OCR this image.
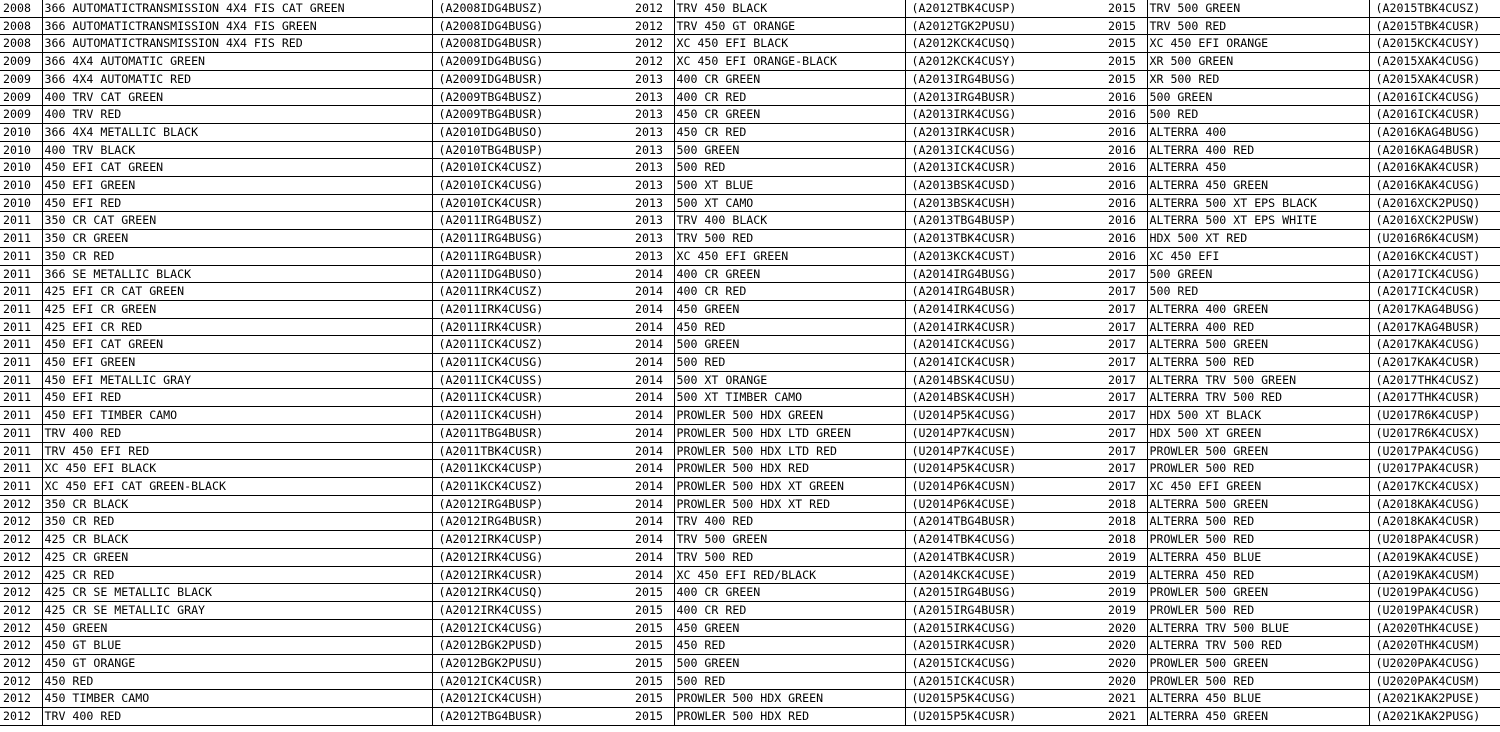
2008	366 AUTOMATICTRANSMISSION 4X4 FIS CAT GREEN	(A2008IDG4BUSZ)
2008	366 AUTOMATICTRANSMISSION 4X4 FIS GREEN	(A2008IDG4BUSG)
2008	366 AUTOMATICTRANSMISSION 4X4 FIS RED	(A2008IDG4BUSR)
2009	366 4X4 AUTOMATIC GREEN	(A2009IDG4BUSG)
2009	366 4X4 AUTOMATIC RED	(A2009IDG4BUSR)
2009	400 TRV CAT GREEN	(A2009TBG4BUSZ)
2009	400 TRV RED	(A2009TBG4BUSR)
2010	366 4X4 METALLIC BLACK	(A2010IDG4BUSO)
2010	400 TRV BLACK	(A2010TBG4BUSP)
2010	450 EFI CAT GREEN	(A2010ICK4CUSZ)
2010	450 EFI GREEN	(A2010ICK4CUSG)
2010	450 EFI RED	(A2010ICK4CUSR)
2011	350 CR CAT GREEN	(A2011IRG4BUSZ)
2011	350 CR GREEN	(A2011IRG4BUSG)
2011	350 CR RED	(A2011IRG4BUSR)
2011	366 SE METALLIC BLACK	(A2011IDG4BUSO)
2011	425 EFI CR CAT GREEN	(A2011IRK4CUSZ)
2011	425 EFI CR GREEN	(A2011IRK4CUSG)
2011	425 EFI CR RED	(A2011IRK4CUSR)
2011	450 EFI CAT GREEN	(A2011ICK4CUSZ)
2011	450 EFI GREEN	(A2011ICK4CUSG)
2011	450 EFI METALLIC GRAY	(A2011ICK4CUSS)
2011	450 EFI RED	(A2011ICK4CUSR)
2011	450 EFI TIMBER CAMO	(A2011ICK4CUSH)
2011	TRV 400 RED	(A2011TBG4BUSR)
2011	TRV 450 EFI RED	(A2011TBK4CUSR)
2011	XC 450 EFI BLACK	(A2011KCK4CUSP)
2011	XC 450 EFI CAT GREEN-BLACK	(A2011KCK4CUSZ)
2012	350 CR BLACK	(A2012IRG4BUSP)
2012	350 CR RED	(A2012IRG4BUSR)
2012	425 CR BLACK	(A2012IRK4CUSP)
2012	425 CR GREEN	(A2012IRK4CUSG)
2012	425 CR RED	(A2012IRK4CUSR)
2012	425 CR SE METALLIC BLACK	(A2012IRK4CUSQ)
2012	425 CR SE METALLIC GRAY	(A2012IRK4CUSS)
2012	450 GREEN	(A2012ICK4CUSG)
2012	450 GT BLUE	(A2012BGK2PUSD)
2012	450 GT ORANGE	(A2012BGK2PUSU)
2012	450 RED	(A2012ICK4CUSR)
2012	450 TIMBER CAMO	(A2012ICK4CUSH)
2012	TRV 400 RED	(A2012TBG4BUSR)
2012	TRV 450 BLACK	(A2012TBK4CUSP)
2012	TRV 450 GT ORANGE	(A2012TGK2PUSU)
2012	XC 450 EFI BLACK	(A2012KCK4CUSQ)
2012	XC 450 EFI ORANGE-BLACK	(A2012KCK4CUSY)
2013	400 CR GREEN	(A2013IRG4BUSG)
2013	400 CR RED	(A2013IRG4BUSR)
2013	450 CR GREEN	(A2013IRK4CUSG)
2013	450 CR RED	(A2013IRK4CUSR)
2013	500 GREEN	(A2013ICK4CUSG)
2013	500 RED	(A2013ICK4CUSR)
2013	500 XT BLUE	(A2013BSK4CUSD)
2013	500 XT CAMO	(A2013BSK4CUSH)
2013	TRV 400 BLACK	(A2013TBG4BUSP)
2013	TRV 500 RED	(A2013TBK4CUSR)
2013	XC 450 EFI GREEN	(A2013KCK4CUST)
2014	400 CR GREEN	(A2014IRG4BUSG)
2014	400 CR RED	(A2014IRG4BUSR)
2014	450 GREEN	(A2014IRK4CUSG)
2014	450 RED	(A2014IRK4CUSR)
2014	500 GREEN	(A2014ICK4CUSG)
2014	500 RED	(A2014ICK4CUSR)
2014	500 XT ORANGE	(A2014BSK4CUSU)
2014	500 XT TIMBER CAMO	(A2014BSK4CUSH)
2014	PROWLER 500 HDX GREEN	(U2014P5K4CUSG)
2014	PROWLER 500 HDX LTD GREEN	(U2014P7K4CUSN)
2014	PROWLER 500 HDX LTD RED	(U2014P7K4CUSE)
2014	PROWLER 500 HDX RED	(U2014P5K4CUSR)
2014	PROWLER 500 HDX XT GREEN	(U2014P6K4CUSN)
2014	PROWLER 500 HDX XT RED	(U2014P6K4CUSE)
2014	TRV 400 RED	(A2014TBG4BUSR)
2014	TRV 500 GREEN	(A2014TBK4CUSG)
2014	TRV 500 RED	(A2014TBK4CUSR)
2014	XC 450 EFI RED/BLACK	(A2014KCK4CUSE)
2015	400 CR GREEN	(A2015IRG4BUSG)
2015	400 CR RED	(A2015IRG4BUSR)
2015	450 GREEN	(A2015IRK4CUSG)
2015	450 RED	(A2015IRK4CUSR)
2015	500 GREEN	(A2015ICK4CUSG)
2015	500 RED	(A2015ICK4CUSR)
2015	PROWLER 500 HDX GREEN	(U2015P5K4CUSG)
2015	PROWLER 500 HDX RED	(U2015P5K4CUSR)
2015	TRV 500 GREEN	(A2015TBK4CUSZ)
2015	TRV 500 RED	(A2015TBK4CUSR)
2015	XC 450 EFI ORANGE	(A2015KCK4CUSY)
2015	XR 500 GREEN	(A2015XAK4CUSG)
2015	XR 500 RED	(A2015XAK4CUSR)
2016	500 GREEN	(A2016ICK4CUSG)
2016	500 RED	(A2016ICK4CUSR)
2016	ALTERRA 400	(A2016KAG4BUSG)
2016	ALTERRA 400 RED	(A2016KAG4BUSR)
2016	ALTERRA 450	(A2016KAK4CUSR)
2016	ALTERRA 450 GREEN	(A2016KAK4CUSG)
2016	ALTERRA 500 XT EPS BLACK	(A2016XCK2PUSQ)
2016	ALTERRA 500 XT EPS WHITE	(A2016XCK2PUSW)
2016	HDX 500 XT RED	(U2016R6K4CUSM)
2016	XC 450 EFI	(A2016KCK4CUST)
2017	500 GREEN	(A2017ICK4CUSG)
2017	500 RED	(A2017ICK4CUSR)
2017	ALTERRA 400 GREEN	(A2017KAG4BUSG)
2017	ALTERRA 400 RED	(A2017KAG4BUSR)
2017	ALTERRA 500 GREEN	(A2017KAK4CUSG)
2017	ALTERRA 500 RED	(A2017KAK4CUSR)
2017	ALTERRA TRV 500 GREEN	(A2017THK4CUSZ)
2017	ALTERRA TRV 500 RED	(A2017THK4CUSR)
2017	HDX 500 XT BLACK	(U2017R6K4CUSP)
2017	HDX 500 XT GREEN	(U2017R6K4CUSX)
2017	PROWLER 500 GREEN	(U2017PAK4CUSG)
2017	PROWLER 500 RED	(U2017PAK4CUSR)
2017	XC 450 EFI GREEN	(A2017KCK4CUSX)
2018	ALTERRA 500 GREEN	(A2018KAK4CUSG)
2018	ALTERRA 500 RED	(A2018KAK4CUSR)
2018	PROWLER 500 RED	(U2018PAK4CUSR)
2019	ALTERRA 450 BLUE	(A2019KAK4CUSE)
2019	ALTERRA 450 RED	(A2019KAK4CUSM)
2019	PROWLER 500 GREEN	(U2019PAK4CUSG)
2019	PROWLER 500 RED	(U2019PAK4CUSR)
2020	ALTERRA TRV 500 BLUE	(A2020THK4CUSE)
2020	ALTERRA TRV 500 RED	(A2020THK4CUSM)
2020	PROWLER 500 GREEN	(U2020PAK4CUSG)
2020	PROWLER 500 RED	(U2020PAK4CUSM)
2021	ALTERRA 450 BLUE	(A2021KAK2PUSE)
2021	ALTERRA 450 GREEN	(A2021KAK2PUSG)
